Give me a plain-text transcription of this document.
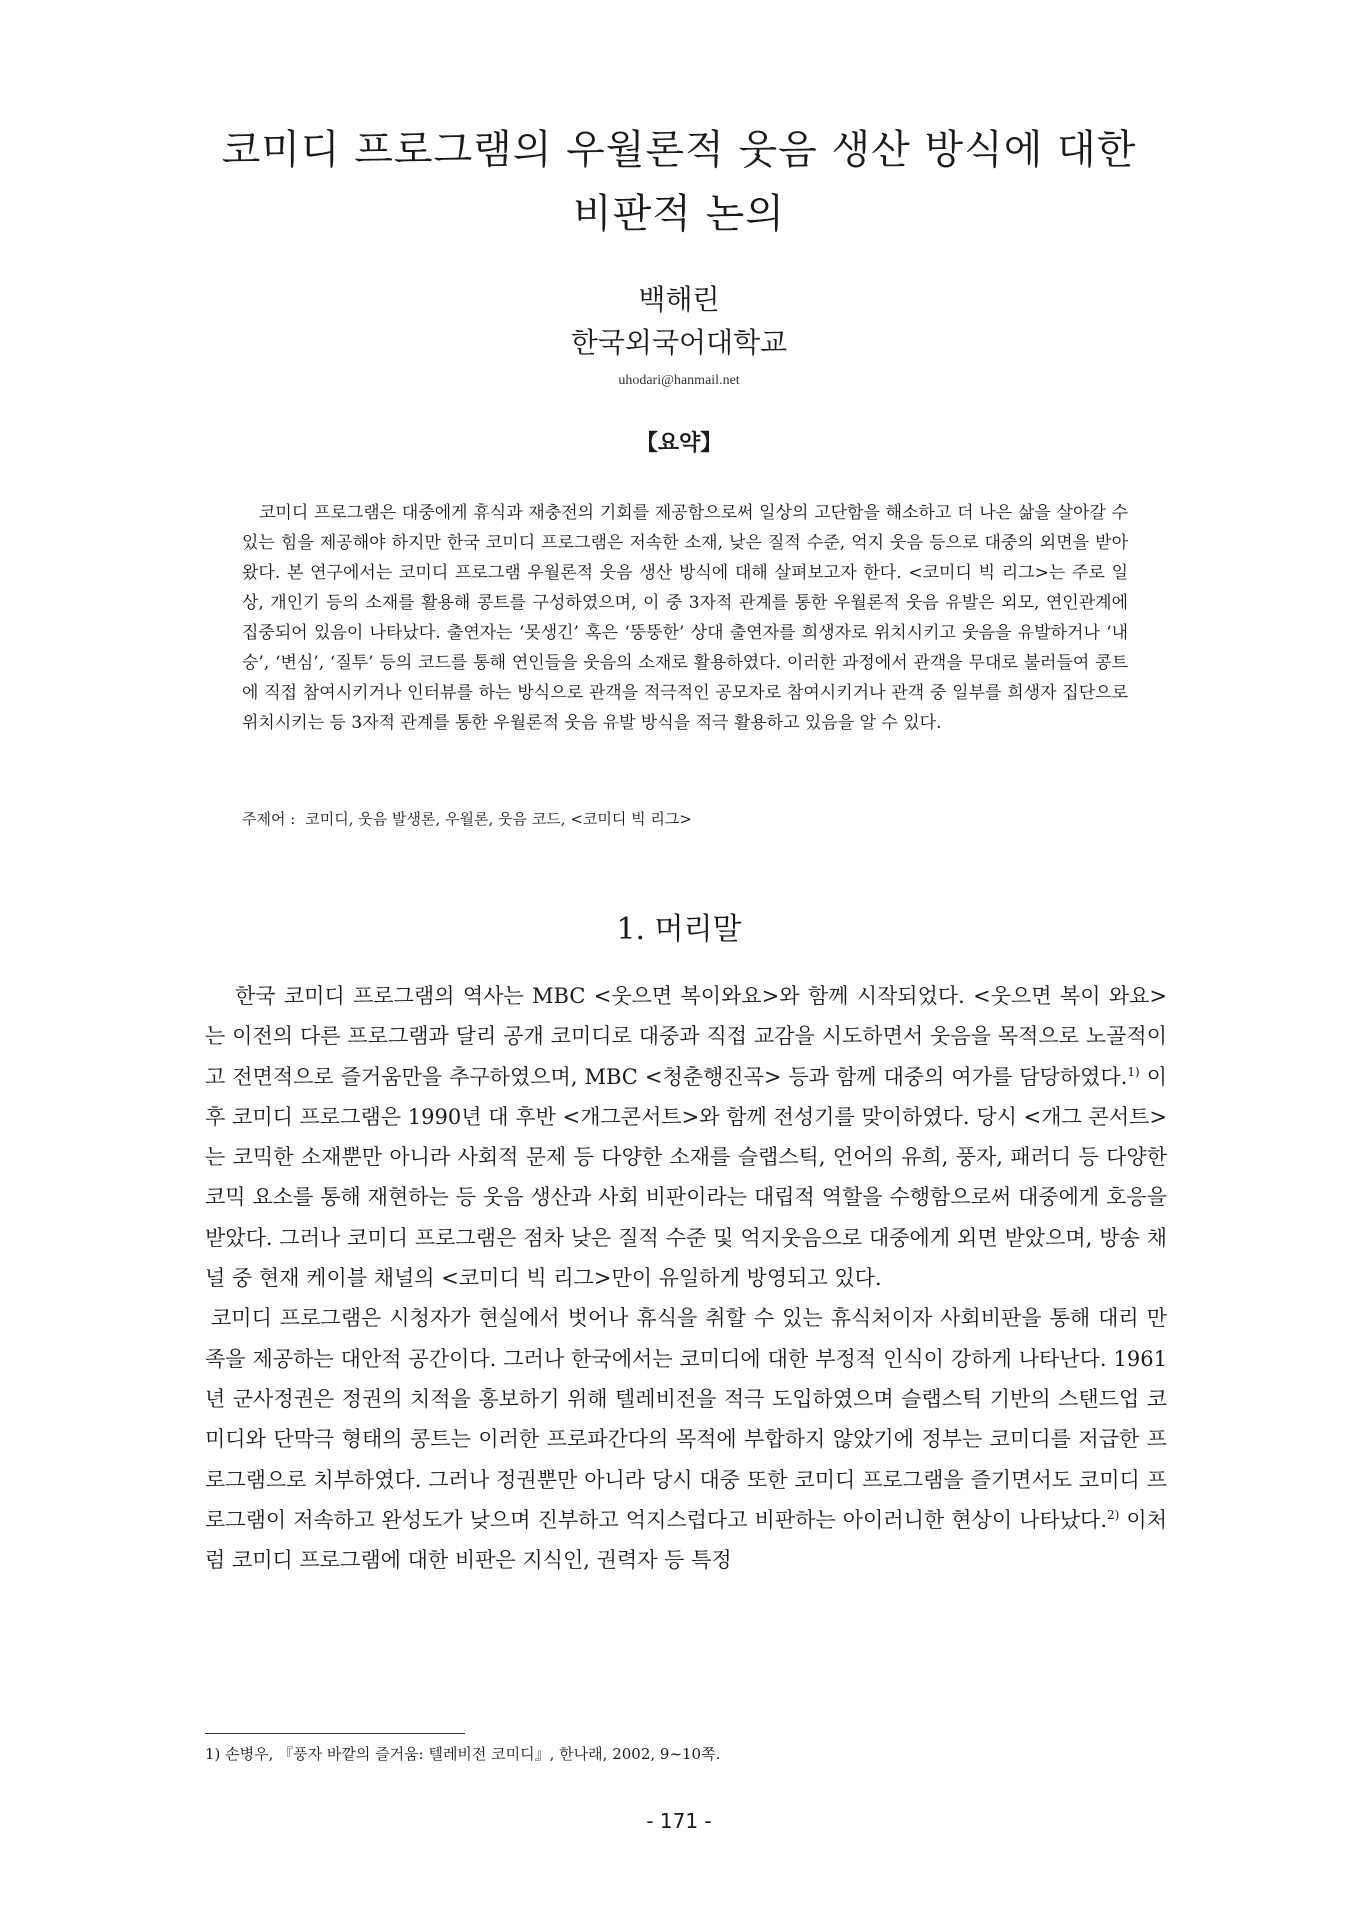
코미디 프로그램의 우월론적 웃음 생산 방식에 대한
비판적 논의
백해린
한국외국어대학교
uhodari@hanmail.net
【요약】

코미디 프로그램은 대중에게 휴식과 재충전의 기회를 제공함으로써 일상의 고단함을 해소하고 더 나은 삶을 살아갈 수 있는 힘을 제공해야 하지만 한국 코미디 프로그램은 저속한 소재, 낮은 질적 수준, 억지 웃음 등으로 대중의 외면을 받아 왔다. 본 연구에서는 코미디 프로그램 우월론적 웃음 생산 방식에 대해 살펴보고자 한다. <코미디 빅 리그>는 주로 일상, 개인기 등의 소재를 활용해 콩트를 구성하였으며, 이 중 3자적 관계를 통한 우월론적 웃음 유발은 외모, 연인관계에 집중되어 있음이 나타났다. 출연자는 ‘못생긴’ 혹은 ‘뚱뚱한’ 상대 출연자를 희생자로 위치시키고 웃음을 유발하거나 ‘내숭’, ‘변심’, ‘질투’ 등의 코드를 통해 연인들을 웃음의 소재로 활용하였다. 이러한 과정에서 관객을 무대로 불러들여 콩트에 직접 참여시키거나 인터뷰를 하는 방식으로 관객을 적극적인 공모자로 참여시키거나 관객 중 일부를 희생자 집단으로 위치시키는 등 3자적 관계를 통한 우월론적 웃음 유발 방식을 적극 활용하고 있음을 알 수 있다.

주제어 : 코미디, 웃음 발생론, 우월론, 웃음 코드, <코미디 빅 리그>

1. 머리말

한국 코미디 프로그램의 역사는 MBC <웃으면 복이와요>와 함께 시작되었다. <웃으면 복이 와요>는 이전의 다른 프로그램과 달리 공개 코미디로 대중과 직접 교감을 시도하면서 웃음을 목적으로 노골적이고 전면적으로 즐거움만을 추구하였으며, MBC <청춘행진곡> 등과 함께 대중의 여가를 담당하였다.$^{1)}$ 이후 코미디 프로그램은 1990년 대 후반 <개그콘서트>와 함께 전성기를 맞이하였다. 당시 <개그 콘서트>는 코믹한 소재뿐만 아니라 사회적 문제 등 다양한 소재를 슬랩스틱, 언어의 유희, 풍자, 패러디 등 다양한 코믹 요소를 통해 재현하는 등 웃음 생산과 사회 비판이라는 대립적 역할을 수행함으로써 대중에게 호응을 받았다. 그러나 코미디 프로그램은 점차 낮은 질적 수준 및 억지웃음으로 대중에게 외면 받았으며, 방송 채널 중 현재 케이블 채널의 <코미디 빅 리그>만이 유일하게 방영되고 있다.

코미디 프로그램은 시청자가 현실에서 벗어나 휴식을 취할 수 있는 휴식처이자 사회비판을 통해 대리 만족을 제공하는 대안적 공간이다. 그러나 한국에서는 코미디에 대한 부정적 인식이 강하게 나타난다. 1961년 군사정권은 정권의 치적을 홍보하기 위해 텔레비전을 적극 도입하였으며 슬랩스틱 기반의 스탠드업 코미디와 단막극 형태의 콩트는 이러한 프로파간다의 목적에 부합하지 않았기에 정부는 코미디를 저급한 프로그램으로 치부하였다. 그러나 정권뿐만 아니라 당시 대중 또한 코미디 프로그램을 즐기면서도 코미디 프로그램이 저속하고 완성도가 낮으며 진부하고 억지스럽다고 비판하는 아이러니한 현상이 나타났다.$^{2)}$ 이처럼 코미디 프로그램에 대한 비판은 지식인, 권력자 등 특정

1) 손병우, 『풍자 바깥의 즐거움: 텔레비전 코미디』, 한나래, 2002, 9~10쪽.

- 171 -
